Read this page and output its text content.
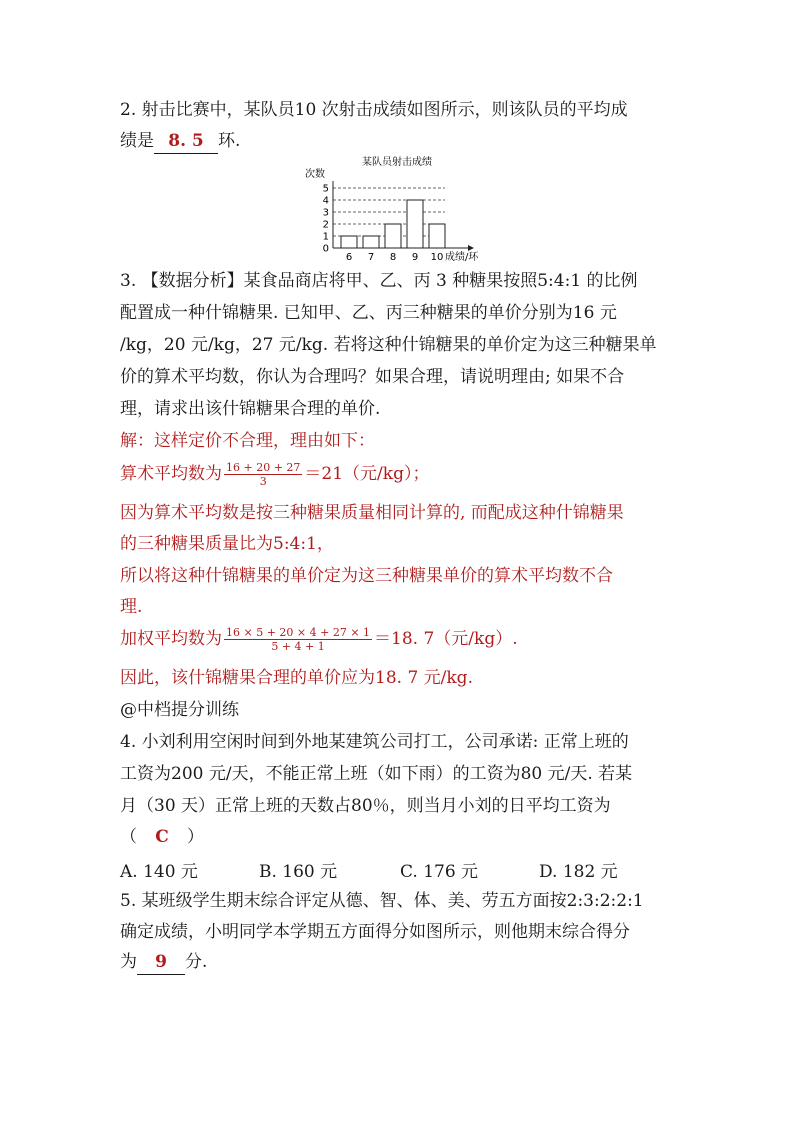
2. 射击比赛中，某队员10 次射击成绩如图所示，则该队员的平均成
绩是 8. 5 环.
某队员射击成绩
次数
成绩/环
0
1
2
3
4
5
6 7 8 9 10
3. 【数据分析】某食品商店将甲、乙、丙 3 种糖果按照5:4:1 的比例
配置成一种什锦糖果. 已知甲、乙、丙三种糖果的单价分别为16 元
/kg，20 元/kg，27 元/kg. 若将这种什锦糖果的单价定为这三种糖果单
价的算术平均数，你认为合理吗？如果合理，请说明理由; 如果不合
理，请求出该什锦糖果合理的单价.
解：这样定价不合理，理由如下：
算术平均数为 $\frac{16 + 20 + 27}{3} =21$（元/kg）；
因为算术平均数是按三种糖果质量相同计算的, 而配成这种什锦糖果
的三种糖果质量比为5:4:1，
所以将这种什锦糖果的单价定为这三种糖果单价的算术平均数不合
理.
加权平均数为 $\frac{16 \times 5 + 20 \times 4 + 27 \times 1}{5 + 4 + 1} =18$. 7（元/kg）.
因此，该什锦糖果合理的单价应为18. 7 元/kg.
@中档提分训练
4. 小刘利用空闲时间到外地某建筑公司打工，公司承诺: 正常上班的
工资为200 元/天，不能正常上班（如下雨）的工资为80 元/天. 若某
月（30 天）正常上班的天数占80％，则当月小刘的日平均工资为
（ C ）
A. 140 元	B. 160 元	C. 176 元	D. 182 元
5. 某班级学生期末综合评定从德、智、体、美、劳五方面按2:3:2:2:1
确定成绩，小明同学本学期五方面得分如图所示，则他期末综合得分
为 9 分.
